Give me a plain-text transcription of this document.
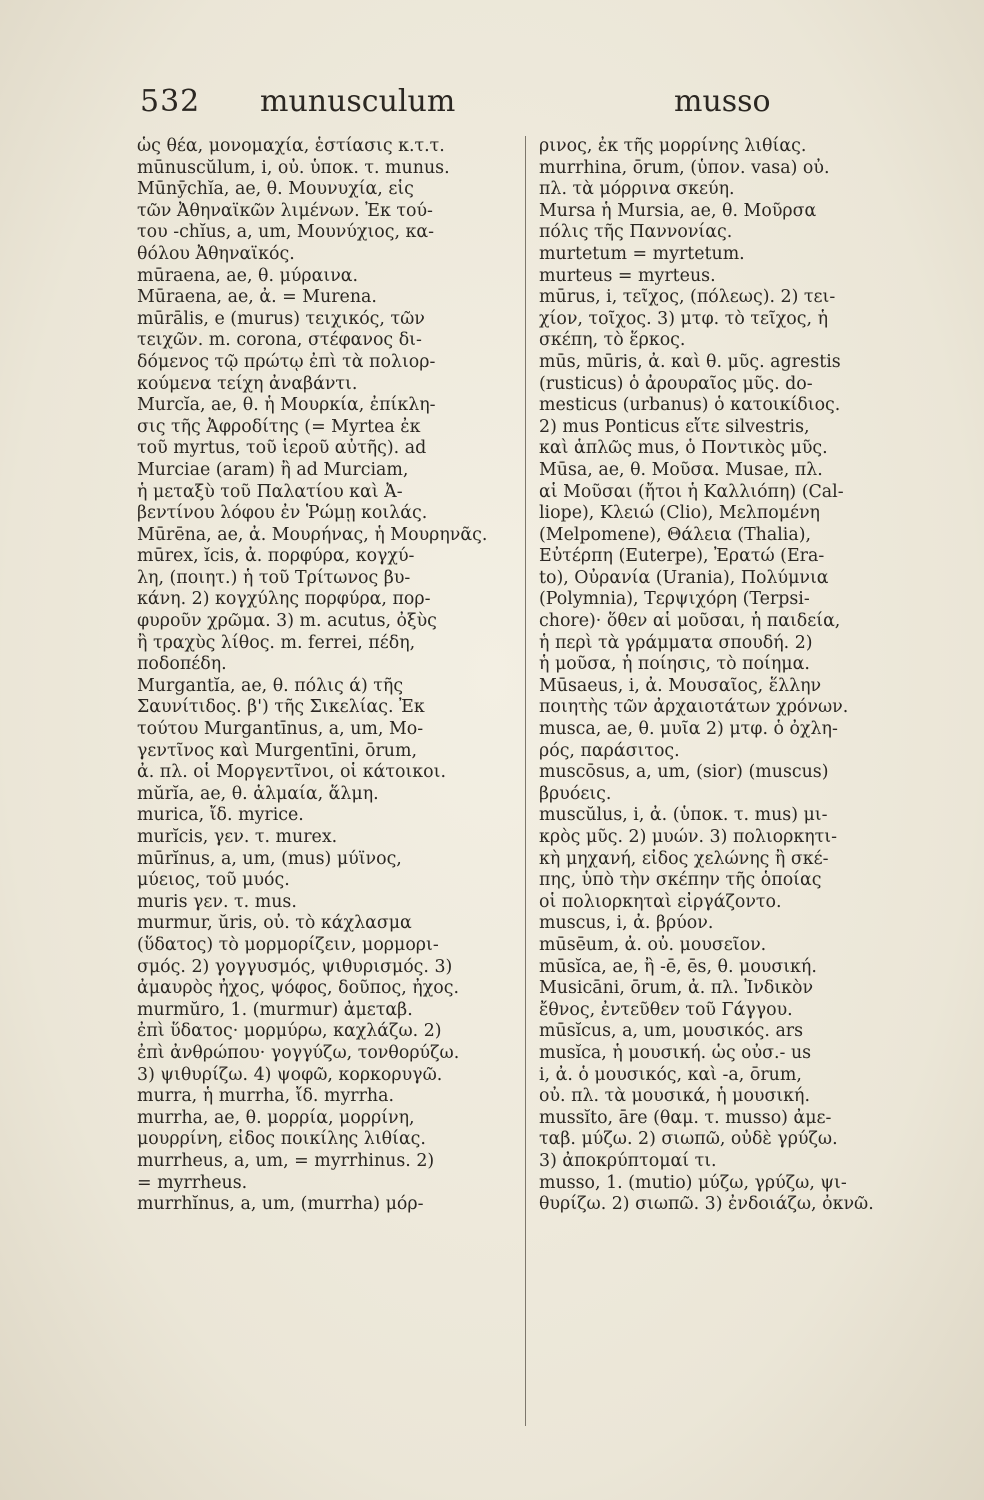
532 munusculum	musso
ὡς θέα, μονομαχία, ἑστίασις κ.τ.τ.
mūnuscŭlum, i, οὐ. ὑποκ. τ. munus.
Mūnȳchĭa, ae, θ. Μουνυχία, εἷς
τῶν Ἀθηναϊκῶν λιμένων. Ἐκ τού-
του -chĭus, a, um, Μουνύχιος, κα-
θόλου Ἀθηναϊκός.
mūraena, ae, θ. μύραινα.
Mūraena, ae, ἀ. = Murena.
mūrālis, e (murus) τειχικός, τῶν
τειχῶν. m. corona, στέφανος δι-
δόμενος τῷ πρώτῳ ἐπὶ τὰ πολιορ-
κούμενα τείχη ἀναβάντι.
Murcĭa, ae, θ. ἡ Μουρκία, ἐπίκλη-
σις τῆς Ἀφροδίτης (= Myrtea ἐκ
τοῦ myrtus, τοῦ ἱεροῦ αὐτῆς). ad
Murciae (aram) ἢ ad Murciam,
ἡ μεταξὺ τοῦ Παλατίου καὶ Ἀ-
βεντίνου λόφου ἐν Ῥώμῃ κοιλάς.
Mūrēna, ae, ἀ. Μουρήνας, ἡ Μουρηνᾶς.
mūrex, ĭcis, ἀ. πορφύρα, κογχύ-
λη, (ποιητ.) ἡ τοῦ Τρίτωνος βυ-
κάνη. 2) κογχύλης πορφύρα, πορ-
φυροῦν χρῶμα. 3) m. acutus, ὀξὺς
ἢ τραχὺς λίθος. m. ferrei, πέδη,
ποδοπέδη.
Murgantĭa, ae, θ. πόλις ά) τῆς
Σαυνίτιδος. β') τῆς Σικελίας. Ἐκ
τούτου Murgantīnus, a, um, Μο-
γεντῖνος καὶ Murgentīni, ōrum,
ἀ. πλ. οἱ Μοργεντῖνοι, οἱ κάτοικοι.
mŭrĭa, ae, θ. ἁλμαία, ἅλμη.
murica, ἴδ. myrice.
murĭcis, γεν. τ. murex.
mūrĭnus, a, um, (mus) μύϊνος,
μύειος, τοῦ μυός.
muris γεν. τ. mus.
murmur, ŭris, οὐ. τὸ κάχλασμα
(ὕδατος) τὸ μορμορίζειν, μορμορι-
σμός. 2) γογγυσμός, ψιθυρισμός. 3)
ἀμαυρὸς ἦχος, ψόφος, δοῦπος, ἦχος.
murmŭro, 1. (murmur) ἀμεταβ.
ἐπὶ ὕδατος· μορμύρω, καχλάζω. 2)
ἐπὶ ἀνθρώπου· γογγύζω, τονθορύζω.
3) ψιθυρίζω. 4) ψοφῶ, κορκορυγῶ.
murra, ἡ murrha, ἴδ. myrrha.
murrha, ae, θ. μορρία, μορρίνη,
μουρρίνη, εἶδος ποικίλης λιθίας.
murrheus, a, um, = myrrhinus. 2)
= myrrheus.
murrhĭnus, a, um, (murrha) μόρ-
ρινος, ἐκ τῆς μορρίνης λιθίας.
murrhina, ōrum, (ὑπον. vasa) οὐ.
πλ. τὰ μόρρινα σκεύη.
Mursa ἡ Mursia, ae, θ. Μοῦρσα
πόλις τῆς Παννονίας.
murtetum = myrtetum.
murteus = myrteus.
mūrus, i, τεῖχος, (πόλεως). 2) τει-
χίον, τοῖχος. 3) μτφ. τὸ τεῖχος, ἡ
σκέπη, τὸ ἕρκος.
mūs, mūris, ἀ. καὶ θ. μῦς. agrestis
(rusticus) ὁ ἀρουραῖος μῦς. do-
mesticus (urbanus) ὁ κατοικίδιος.
2) mus Ponticus εἴτε silvestris,
καὶ ἁπλῶς mus, ὁ Ποντικὸς μῦς.
Mūsa, ae, θ. Μοῦσα. Musae, πλ.
αἱ Μοῦσαι (ἤτοι ἡ Καλλιόπη) (Cal-
liope), Κλειώ (Clio), Μελπομένη
(Melpomene), Θάλεια (Thalia),
Εὐτέρπη (Euterpe), Ἐρατώ (Era-
to), Οὐρανία (Urania), Πολύμνια
(Polymnia), Τερψιχόρη (Terpsi-
chore)· ὅθεν αἱ μοῦσαι, ἡ παιδεία,
ἡ περὶ τὰ γράμματα σπουδή. 2)
ἡ μοῦσα, ἡ ποίησις, τὸ ποίημα.
Mūsaeus, i, ἀ. Μουσαῖος, ἕλλην
ποιητὴς τῶν ἀρχαιοτάτων χρόνων.
musca, ae, θ. μυῖα 2) μτφ. ὁ ὀχλη-
ρός, παράσιτος.
muscōsus, a, um, (sior) (muscus)
βρυόεις.
muscŭlus, i, ἀ. (ὑποκ. τ. mus) μι-
κρὸς μῦς. 2) μυών. 3) πολιορκητι-
κὴ μηχανή, εἶδος χελώνης ἢ σκέ-
πης, ὑπὸ τὴν σκέπην τῆς ὁποίας
οἱ πολιορκηταὶ εἰργάζοντο.
muscus, i, ἀ. βρύον.
mūsēum, ἀ. οὐ. μουσεῖον.
mūsĭca, ae, ἢ -ē, ēs, θ. μουσική.
Musicāni, ōrum, ἀ. πλ. Ἰνδικὸν
ἔθνος, ἐντεῦθεν τοῦ Γάγγου.
mūsĭcus, a, um, μουσικός. ars
musĭca, ἡ μουσική. ὡς οὐσ.- us
i, ἀ. ὁ μουσικός, καὶ -a, ōrum,
οὐ. πλ. τὰ μουσικά, ἡ μουσική.
mussĭto, āre (θαμ. τ. musso) ἀμε-
ταβ. μύζω. 2) σιωπῶ, οὐδὲ γρύζω.
3) ἀποκρύπτομαί τι.
musso, 1. (mutio) μύζω, γρύζω, ψι-
θυρίζω. 2) σιωπῶ. 3) ἐνδοιάζω, ὀκνῶ.
